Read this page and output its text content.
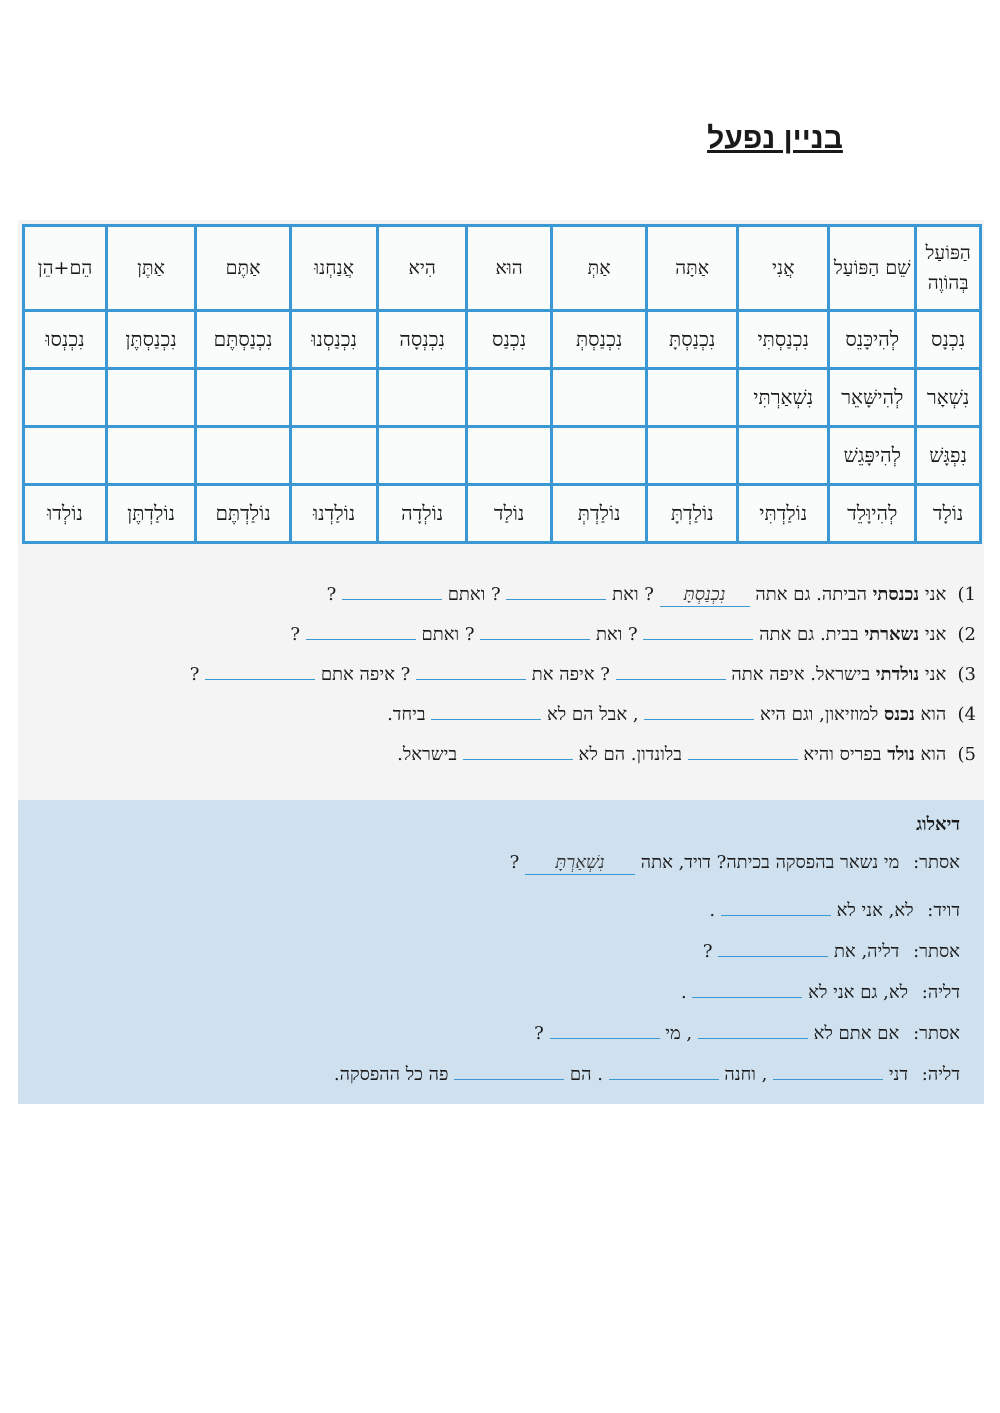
בניין נפעל
הַפּוֹעַל בְּהוֹוֶה	שֵׁם הַפּוֹעַל	אֲנִי	אַתָּה	אַתְּ	הוּא	הִיא	אֲנַחְנוּ	אַתֶּם	אַתֶּן	הֵם+הֵן
נִכְנָס	לְהִיכָּנֵס	נִכְנַסְתִּי	נִכְנַסְתָּ	נִכְנַסְתְּ	נִכְנַס	נִכְנְסָה	נִכְנַסְנוּ	נִכְנַסְתֶּם	נִכְנַסְתֶּן	נִכְנְסוּ
נִשְׁאָר	לְהִישָּׁאֵר	נִשְׁאַרְתִּי								
נִפְגָּשׁ	לְהִיפָּגֵשׁ									
נוֹלָד	לְהִיוָּלֵד	נוֹלַדְתִּי	נוֹלַדְתָּ	נוֹלַדְתְּ	נוֹלַד	נוֹלְדָה	נוֹלַדְנוּ	נוֹלַדְתֶּם	נוֹלַדְתֶּן	נוֹלְדוּ
1) אני נכנסתי הביתה. גם אתה נִכְנַסְתָּ ? ואת  ? ואתם  ?
2) אני נשארתי בבית. גם אתה  ? ואת  ? ואתם  ?
3) אני נולדתי בישראל. איפה אתה  ? איפה את  ? איפה אתם  ?
4) הוא נכנס למוזיאון, וגם היא  , אבל הם לא  ביחד.
5) הוא נולד בפריס והיא  בלונדון. הם לא  בישראל.
דיאלוג
אסתר: מי נשאר בהפסקה בכיתה? דויד, אתה נִשְׁאַרְתָּ ?
דויד: לא, אני לא  .
אסתר: דליה, את  ?
דליה: לא, גם אני לא  .
אסתר: אם אתם לא  , מי  ?
דליה: דני  , וחנה  . הם  פה כל ההפסקה.
